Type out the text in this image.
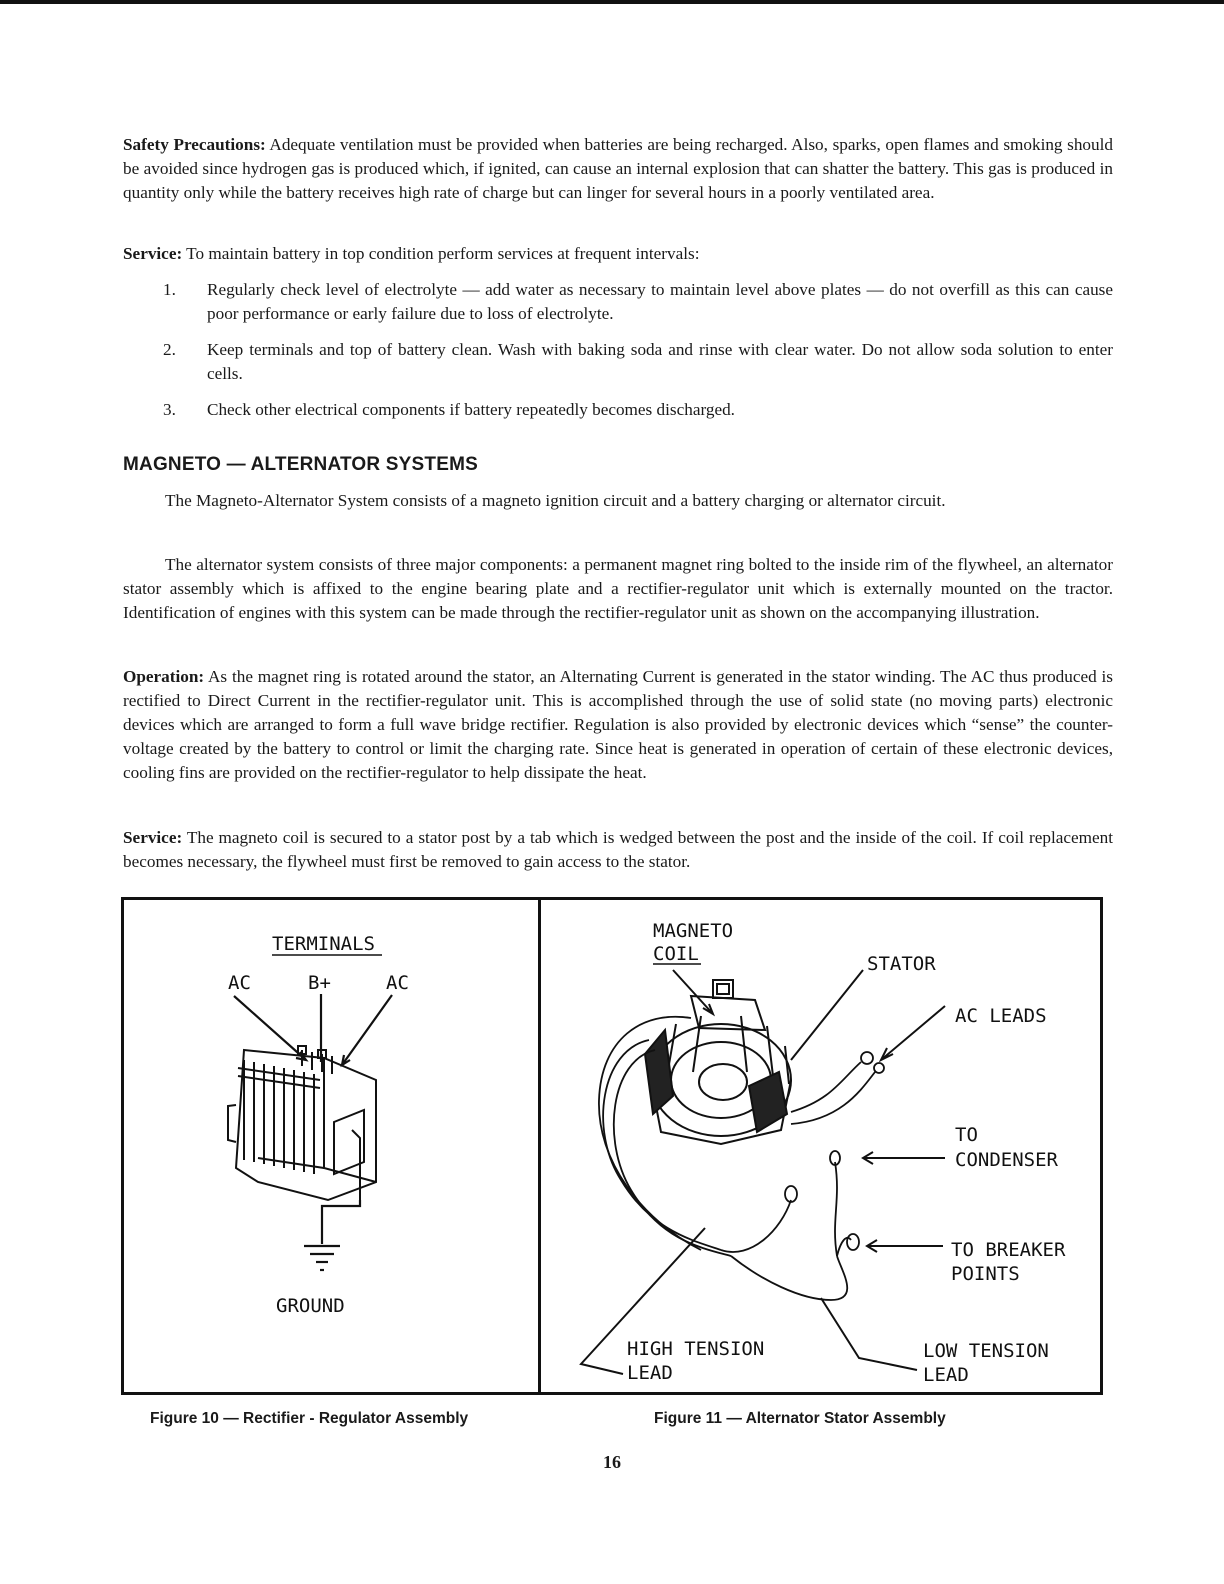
Safety Precautions: Adequate ventilation must be provided when batteries are being recharged. Also, sparks, open flames and smoking should be avoided since hydrogen gas is produced which, if ignited, can cause an internal explosion that can shatter the battery. This gas is produced in quantity only while the battery receives high rate of charge but can linger for several hours in a poorly ventilated area.
Service: To maintain battery in top condition perform services at frequent intervals:
1. Regularly check level of electrolyte — add water as necessary to maintain level above plates — do not overfill as this can cause poor performance or early failure due to loss of electrolyte.
2. Keep terminals and top of battery clean. Wash with baking soda and rinse with clear water. Do not allow soda solution to enter cells.
3. Check other electrical components if battery repeatedly becomes discharged.
MAGNETO — ALTERNATOR SYSTEMS
The Magneto-Alternator System consists of a magneto ignition circuit and a battery charging or alternator circuit.
The alternator system consists of three major components: a permanent magnet ring bolted to the inside rim of the flywheel, an alternator stator assembly which is affixed to the engine bearing plate and a rectifier-regulator unit which is externally mounted on the tractor. Identification of engines with this system can be made through the rectifier-regulator unit as shown on the accompanying illustration.
Operation: As the magnet ring is rotated around the stator, an Alternating Current is generated in the stator winding. The AC thus produced is rectified to Direct Current in the rectifier-regulator unit. This is accomplished through the use of solid state (no moving parts) electronic devices which are arranged to form a full wave bridge rectifier. Regulation is also provided by electronic devices which “sense” the counter-voltage created by the battery to control or limit the charging rate. Since heat is generated in operation of certain of these electronic devices, cooling fins are provided on the rectifier-regulator to help dissipate the heat.
Service: The magneto coil is secured to a stator post by a tab which is wedged between the post and the inside of the coil. If coil replacement becomes necessary, the flywheel must first be removed to gain access to the stator.
TERMINALS
AC	B+	AC
GROUND
MAGNETO
COIL	STATOR
AC LEADS
TO
CONDENSER
TO BREAKER
POINTS
HIGH TENSION
LEAD
LOW TENSION
LEAD
Figure 10 — Rectifier - Regulator Assembly	Figure 11 — Alternator Stator Assembly
16
